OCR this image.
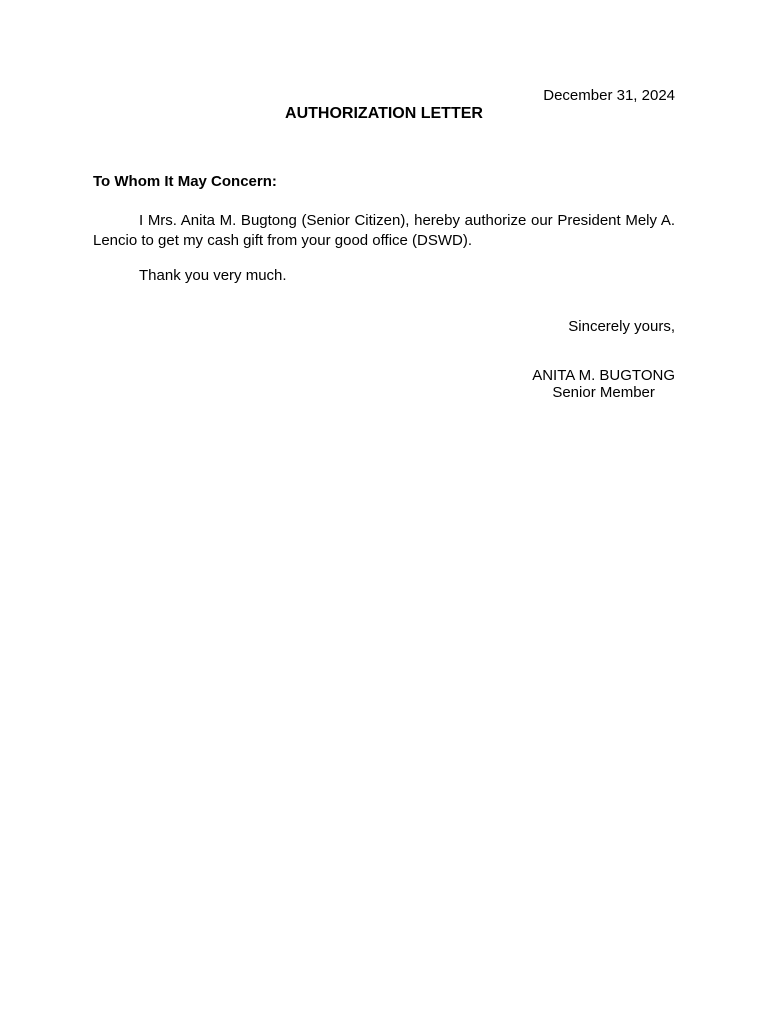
December 31, 2024
AUTHORIZATION LETTER
To Whom It May Concern:

I Mrs. Anita M. Bugtong (Senior Citizen), hereby authorize our President Mely A. Lencio to get my cash gift from your good office (DSWD).

Thank you very much.
Sincerely yours,
ANITA M. BUGTONG
Senior Member
